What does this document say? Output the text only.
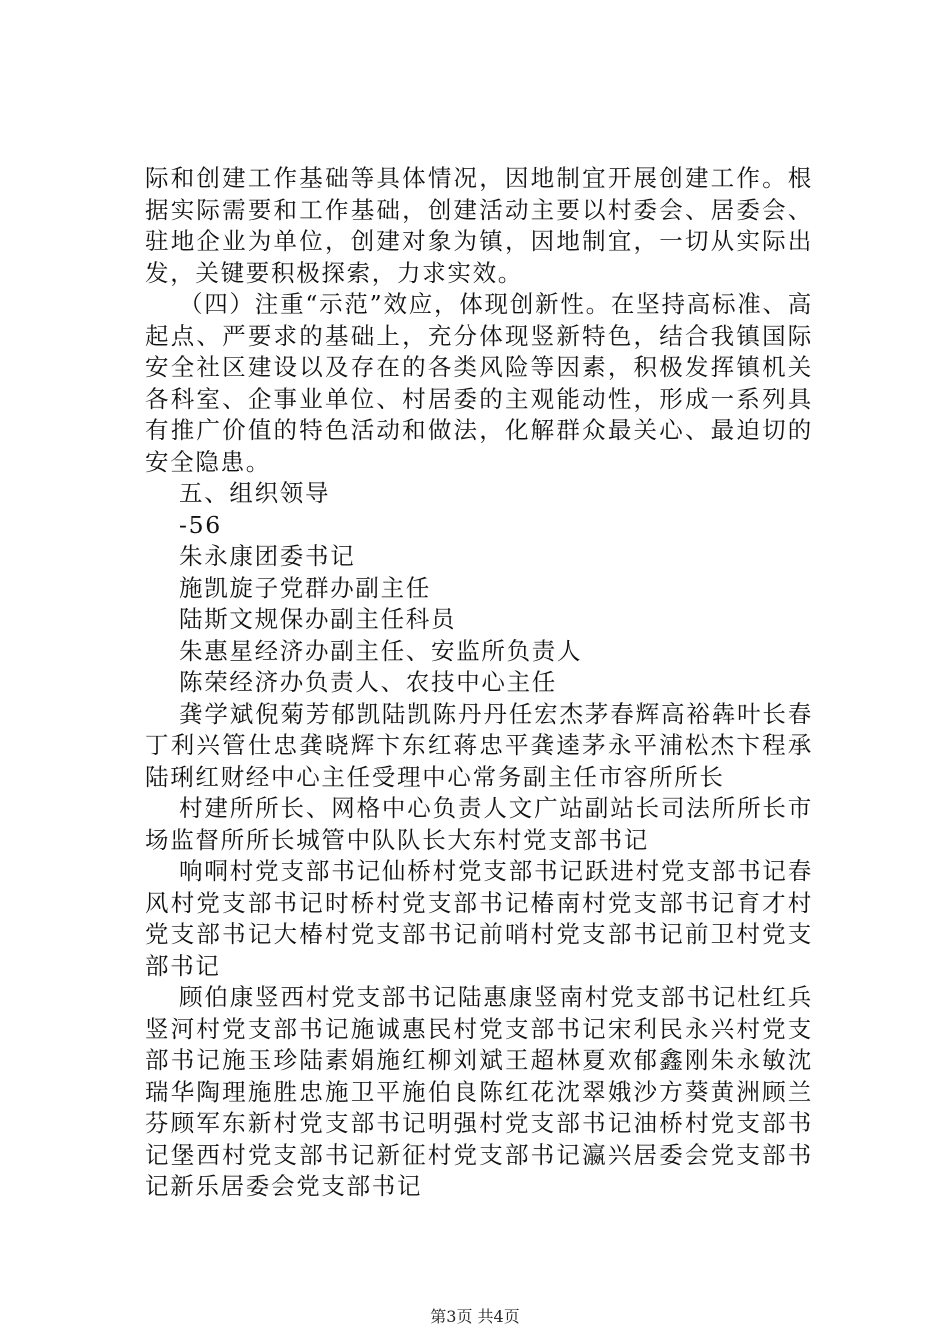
际和创建工作基础等具体情况，因地制宜开展创建工作。根据实际需要和工作基础，创建活动主要以村委会、居委会、驻地企业为单位，创建对象为镇，因地制宜，一切从实际出发，关键要积极探索，力求实效。

（四）注重“示范”效应，体现创新性。在坚持高标准、高起点、严要求的基础上，充分体现竖新特色，结合我镇国际安全社区建设以及存在的各类风险等因素，积极发挥镇机关各科室、企事业单位、村居委的主观能动性，形成一系列具有推广价值的特色活动和做法，化解群众最关心、最迫切的安全隐患。

五、组织领导

-56

朱永康团委书记

施凯旋子党群办副主任

陆斯文规保办副主任科员

朱惠星经济办副主任、安监所负责人

陈荣经济办负责人、农技中心主任

龚学斌倪菊芳郁凯陆凯陈丹丹任宏杰茅春辉高裕犇叶长春丁利兴管仕忠龚晓辉卞东红蒋忠平龚逵茅永平浦松杰卞程承陆琍红财经中心主任受理中心常务副主任市容所所长

村建所所长、网格中心负责人文广站副站长司法所所长市场监督所所长城管中队队长大东村党支部书记

响哃村党支部书记仙桥村党支部书记跃进村党支部书记春风村党支部书记时桥村党支部书记椿南村党支部书记育才村党支部书记大椿村党支部书记前哨村党支部书记前卫村党支部书记

顾伯康竖西村党支部书记陆惠康竖南村党支部书记杜红兵竖河村党支部书记施诚惠民村党支部书记宋利民永兴村党支部书记施玉珍陆素娟施红柳刘斌王超林夏欢郁鑫刚朱永敏沈瑞华陶理施胜忠施卫平施伯良陈红花沈翠娥沙方葵黄洲顾兰芬顾军东新村党支部书记明强村党支部书记油桥村党支部书记堡西村党支部书记新征村党支部书记瀛兴居委会党支部书记新乐居委会党支部书记

第3页 共4页
